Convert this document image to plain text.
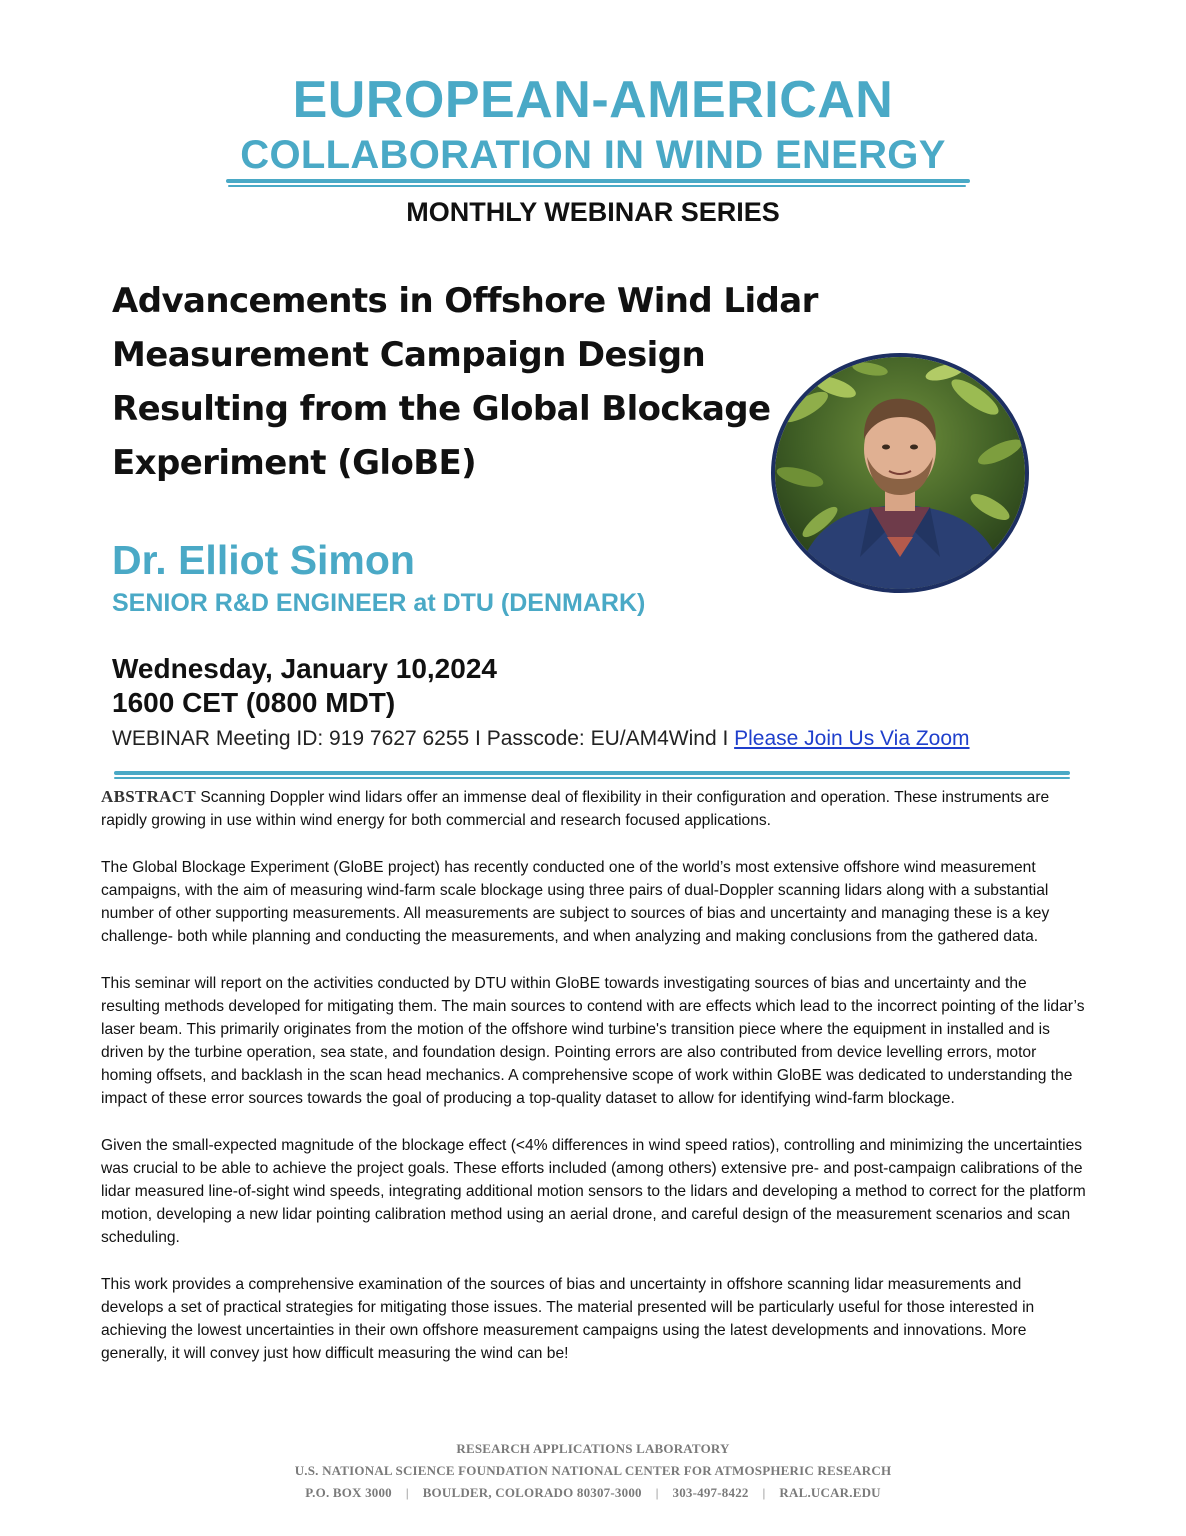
EUROPEAN-AMERICAN
COLLABORATION IN WIND ENERGY
MONTHLY WEBINAR SERIES
Advancements in Offshore Wind Lidar
Measurement Campaign Design
Resulting from the Global Blockage
Experiment (GloBE)
Dr. Elliot Simon
SENIOR R&D ENGINEER at DTU (DENMARK)
Wednesday, January 10,2024
1600 CET (0800 MDT)
WEBINAR Meeting ID: 919 7627 6255 I Passcode: EU/AM4Wind I Please Join Us Via Zoom

ABSTRACT Scanning Doppler wind lidars offer an immense deal of flexibility in their configuration and operation. These instruments are rapidly growing in use within wind energy for both commercial and research focused applications.

The Global Blockage Experiment (GloBE project) has recently conducted one of the world’s most extensive offshore wind measurement campaigns, with the aim of measuring wind-farm scale blockage using three pairs of dual-Doppler scanning lidars along with a substantial number of other supporting measurements. All measurements are subject to sources of bias and uncertainty and managing these is a key challenge- both while planning and conducting the measurements, and when analyzing and making conclusions from the gathered data.

This seminar will report on the activities conducted by DTU within GloBE towards investigating sources of bias and uncertainty and the resulting methods developed for mitigating them. The main sources to contend with are effects which lead to the incorrect pointing of the lidar’s laser beam. This primarily originates from the motion of the offshore wind turbine's transition piece where the equipment in installed and is driven by the turbine operation, sea state, and foundation design. Pointing errors are also contributed from device levelling errors, motor homing offsets, and backlash in the scan head mechanics. A comprehensive scope of work within GloBE was dedicated to understanding the impact of these error sources towards the goal of producing a top-quality dataset to allow for identifying wind-farm blockage.

Given the small-expected magnitude of the blockage effect (<4% differences in wind speed ratios), controlling and minimizing the uncertainties was crucial to be able to achieve the project goals. These efforts included (among others) extensive pre- and post-campaign calibrations of the lidar measured line-of-sight wind speeds, integrating additional motion sensors to the lidars and developing a method to correct for the platform motion, developing a new lidar pointing calibration method using an aerial drone, and careful design of the measurement scenarios and scan scheduling.

This work provides a comprehensive examination of the sources of bias and uncertainty in offshore scanning lidar measurements and develops a set of practical strategies for mitigating those issues. The material presented will be particularly useful for those interested in achieving the lowest uncertainties in their own offshore measurement campaigns using the latest developments and innovations. More generally, it will convey just how difficult measuring the wind can be!

RESEARCH APPLICATIONS LABORATORY
U.S. NATIONAL SCIENCE FOUNDATION NATIONAL CENTER FOR ATMOSPHERIC RESEARCH
P.O. BOX 3000 | BOULDER, COLORADO 80307-3000 | 303-497-8422 | RAL.UCAR.EDU
